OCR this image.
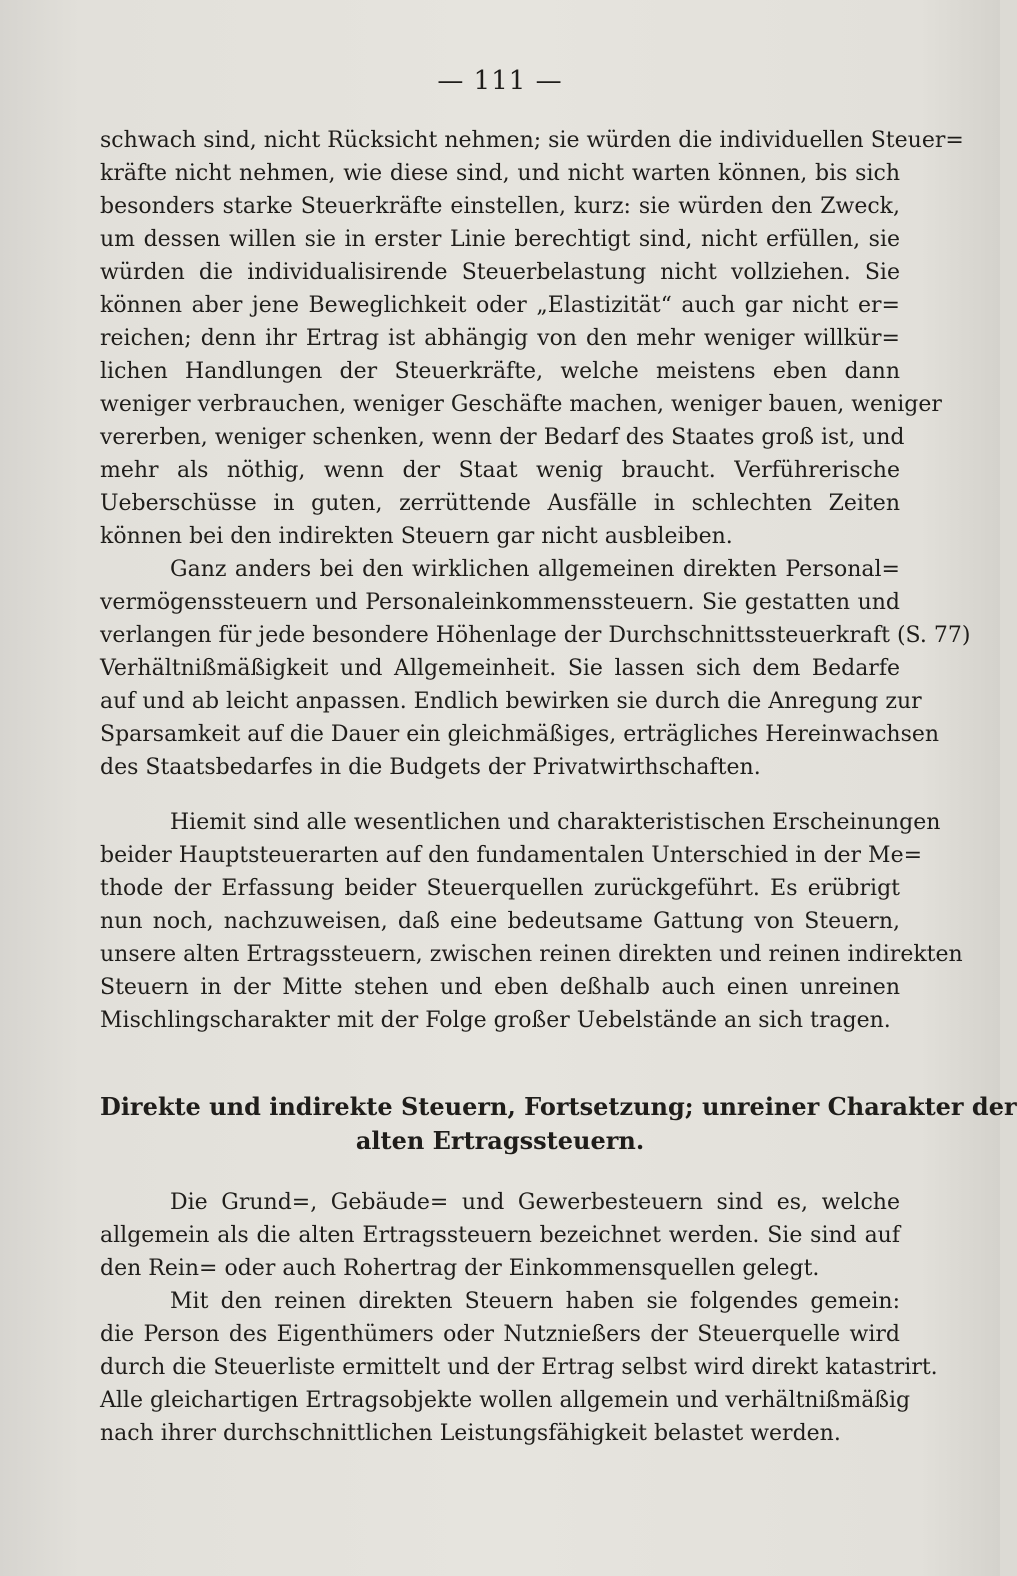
— 111 —
schwach sind, nicht Rücksicht nehmen; sie würden die individuellen Steuer=
kräfte nicht nehmen, wie diese sind, und nicht warten können, bis sich
besonders starke Steuerkräfte einstellen, kurz: sie würden den Zweck,
um dessen willen sie in erster Linie berechtigt sind, nicht erfüllen, sie
würden die individualisirende Steuerbelastung nicht vollziehen. Sie
können aber jene Beweglichkeit oder „Elastizität“ auch gar nicht er=
reichen; denn ihr Ertrag ist abhängig von den mehr weniger willkür=
lichen Handlungen der Steuerkräfte, welche meistens eben dann
weniger verbrauchen, weniger Geschäfte machen, weniger bauen, weniger
vererben, weniger schenken, wenn der Bedarf des Staates groß ist, und
mehr als nöthig, wenn der Staat wenig braucht. Verführerische
Ueberschüsse in guten, zerrüttende Ausfälle in schlechten Zeiten
können bei den indirekten Steuern gar nicht ausbleiben.
Ganz anders bei den wirklichen allgemeinen direkten Personal=
vermögenssteuern und Personaleinkommenssteuern. Sie gestatten und
verlangen für jede besondere Höhenlage der Durchschnittssteuerkraft (S. 77)
Verhältnißmäßigkeit und Allgemeinheit. Sie lassen sich dem Bedarfe
auf und ab leicht anpassen. Endlich bewirken sie durch die Anregung zur
Sparsamkeit auf die Dauer ein gleichmäßiges, erträgliches Hereinwachsen
des Staatsbedarfes in die Budgets der Privatwirthschaften.
Hiemit sind alle wesentlichen und charakteristischen Erscheinungen
beider Hauptsteuerarten auf den fundamentalen Unterschied in der Me=
thode der Erfassung beider Steuerquellen zurückgeführt. Es erübrigt
nun noch, nachzuweisen, daß eine bedeutsame Gattung von Steuern,
unsere alten Ertragssteuern, zwischen reinen direkten und reinen indirekten
Steuern in der Mitte stehen und eben deßhalb auch einen unreinen
Mischlingscharakter mit der Folge großer Uebelstände an sich tragen.
Direkte und indirekte Steuern, Fortsetzung; unreiner Charakter der
alten Ertragssteuern.
Die Grund=, Gebäude= und Gewerbesteuern sind es, welche
allgemein als die alten Ertragssteuern bezeichnet werden. Sie sind auf
den Rein= oder auch Rohertrag der Einkommensquellen gelegt.
Mit den reinen direkten Steuern haben sie folgendes gemein:
die Person des Eigenthümers oder Nutznießers der Steuerquelle wird
durch die Steuerliste ermittelt und der Ertrag selbst wird direkt katastrirt.
Alle gleichartigen Ertragsobjekte wollen allgemein und verhältnißmäßig
nach ihrer durchschnittlichen Leistungsfähigkeit belastet werden.
